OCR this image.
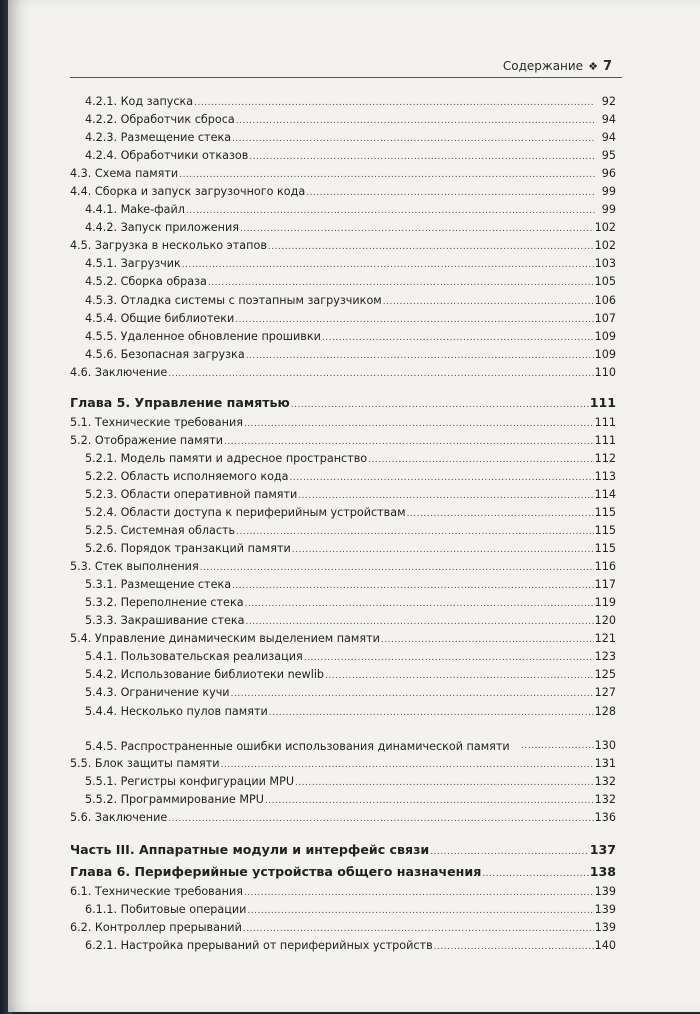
Содержание ❖ 7
4.2.1. Код запуска .....	92
4.2.2. Обработчик сброса .....	94
4.2.3. Размещение стека .....	94
4.2.4. Обработчики отказов .....	95
4.3. Схема памяти .....	96
4.4. Сборка и запуск загрузочного кода .....	99
4.4.1. Make-файл .....	99
4.4.2. Запуск приложения .....	102
4.5. Загрузка в несколько этапов .....	102
4.5.1. Загрузчик .....	103
4.5.2. Сборка образа .....	105
4.5.3. Отладка системы с поэтапным загрузчиком .....	106
4.5.4. Общие библиотеки .....	107
4.5.5. Удаленное обновление прошивки .....	109
4.5.6. Безопасная загрузка .....	109
4.6. Заключение .....	110
Глава 5. Управление памятью .....	111
5.1. Технические требования .....	111
5.2. Отображение памяти .....	111
5.2.1. Модель памяти и адресное пространство .....	112
5.2.2. Область исполняемого кода .....	113
5.2.3. Области оперативной памяти .....	114
5.2.4. Области доступа к периферийным устройствам .....	115
5.2.5. Системная область .....	115
5.2.6. Порядок транзакций памяти .....	115
5.3. Стек выполнения .....	116
5.3.1. Размещение стека .....	117
5.3.2. Переполнение стека .....	119
5.3.3. Закрашивание стека .....	120
5.4. Управление динамическим выделением памяти .....	121
5.4.1. Пользовательская реализация .....	123
5.4.2. Использование библиотеки newlib .....	125
5.4.3. Ограничение кучи .....	127
5.4.4. Несколько пулов памяти .....	128
5.4.5. Распространенные ошибки использования динамической памяти .....	130
5.5. Блок защиты памяти .....	131
5.5.1. Регистры конфигурации MPU .....	132
5.5.2. Программирование MPU .....	132
5.6. Заключение .....	136
Часть III. Аппаратные модули и интерфейс связи .....	137
Глава 6. Периферийные устройства общего назначения .....	138
6.1. Технические требования .....	139
6.1.1. Побитовые операции .....	139
6.2. Контроллер прерываний .....	139
6.2.1. Настройка прерываний от периферийных устройств .....	140
